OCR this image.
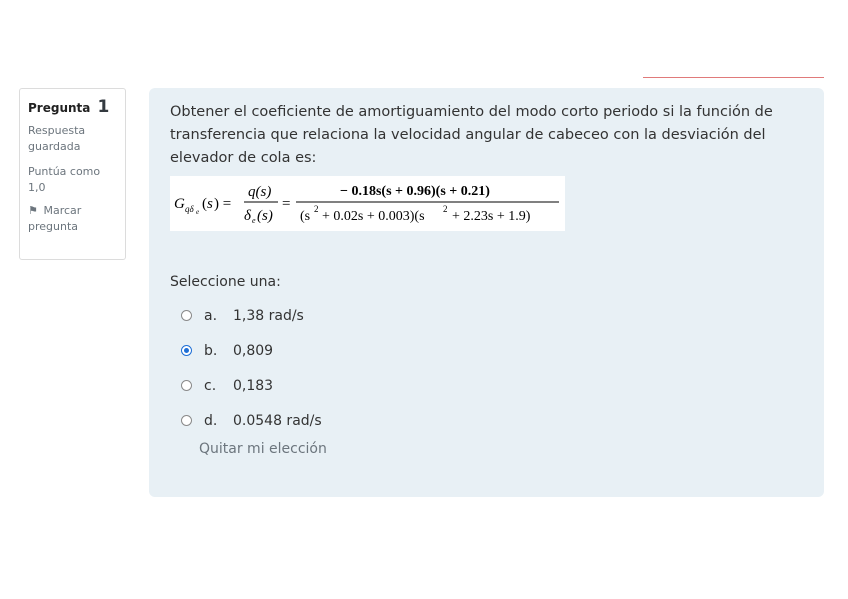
Pregunta 1
Respuesta
guardada
Puntúa como
1,0
⚑ Marcar
pregunta
Obtener el coeficiente de amortiguamiento del modo corto periodo si la función de transferencia que relaciona la velocidad angular de cabeceo con la desviación del elevador de cola es:
G qδ e ( s ) =
q(s)
δ e (s)
=
− 0.18s(s + 0.96)(s + 0.21)
(s 2 + 0.02s + 0.003)(s 2 + 2.23s + 1.9)
Seleccione una:
a.	1,38 rad/s
b.	0,809
c.	0,183
d.	0.0548 rad/s
Quitar mi elección
